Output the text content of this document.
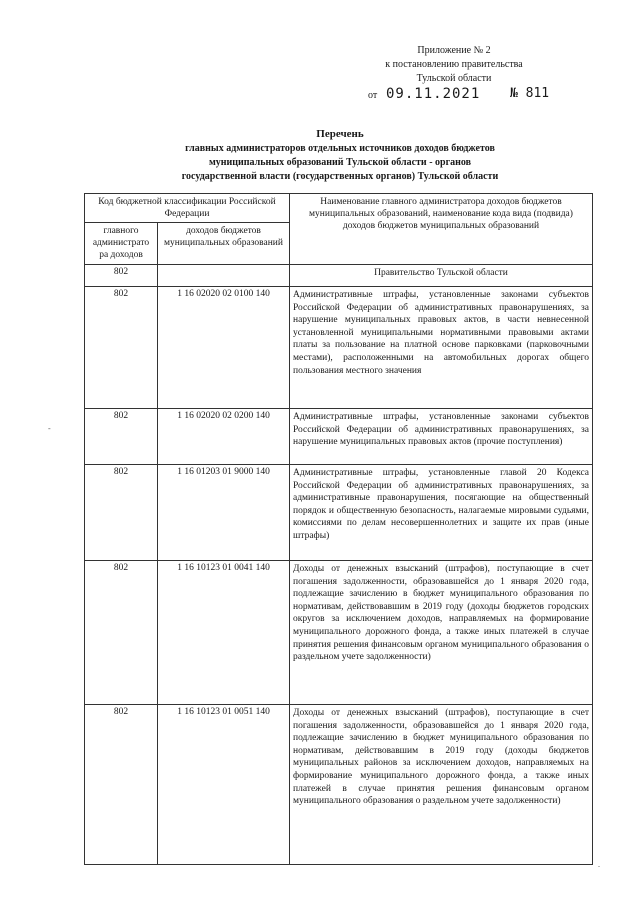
Приложение № 2
к постановлению правительства
Тульской области
от 09.11.2021 № 811
Перечень
главных администраторов отдельных источников доходов бюджетов
муниципальных образований Тульской области - органов
государственной власти (государственных органов) Тульской области
Код бюджетной классификации Российской Федерации		Наименование главного администратора доходов бюджетов муниципальных образований, наименование кода вида (подвида) доходов бюджетов муниципальных образований
главного администрато ра доходов	доходов бюджетов муниципальных образований	
802		Правительство Тульской области
802	1 16 02020 02 0100 140	Административные штрафы, установленные законами субъектов Российской Федерации об административных правонарушениях, за нарушение муниципальных правовых актов, в части невнесенной установленной муниципальными нормативными правовыми актами платы за пользование на платной основе парковками (парковочными местами), расположенными на автомобильных дорогах общего пользования местного значения
802	1 16 02020 02 0200 140	Административные штрафы, установленные законами субъектов Российской Федерации об административных правонарушениях, за нарушение муниципальных правовых актов (прочие поступления)
802	1 16 01203 01 9000 140	Административные штрафы, установленные главой 20 Кодекса Российской Федерации об административных правонарушениях, за административные правонарушения, посягающие на общественный порядок и общественную безопасность, налагаемые мировыми судьями, комиссиями по делам несовершеннолетних и защите их прав (иные штрафы)
802	1 16 10123 01 0041 140	Доходы от денежных взысканий (штрафов), поступающие в счет погашения задолженности, образовавшейся до 1 января 2020 года, подлежащие зачислению в бюджет муниципального образования по нормативам, действовавшим в 2019 году (доходы бюджетов городских округов за исключением доходов, направляемых на формирование муниципального дорожного фонда, а также иных платежей в случае принятия решения финансовым органом муниципального образования о раздельном учете задолженности)
802	1 16 10123 01 0051 140	Доходы от денежных взысканий (штрафов), поступающие в счет погашения задолженности, образовавшейся до 1 января 2020 года, подлежащие зачислению в бюджет муниципального образования по нормативам, действовавшим в 2019 году (доходы бюджетов муниципальных районов за исключением доходов, направляемых на формирование муниципального дорожного фонда, а также иных платежей в случае принятия решения финансовым органом муниципального образования о раздельном учете задолженности)
-
.
